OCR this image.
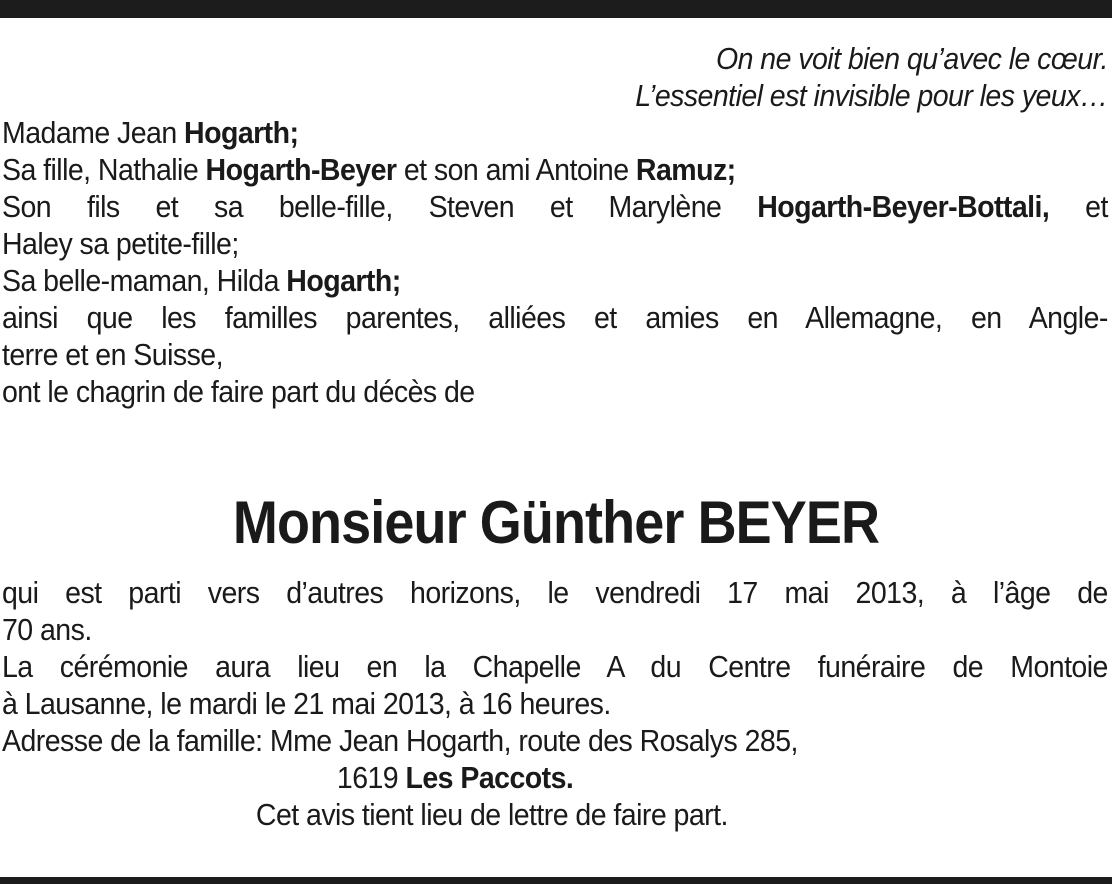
On ne voit bien qu’avec le cœur.
L’essentiel est invisible pour les yeux…
Madame Jean Hogarth;
Sa fille, Nathalie Hogarth-Beyer et son ami Antoine Ramuz;
Son fils et sa belle-fille, Steven et Marylène Hogarth-Beyer-Bottali, et
Haley sa petite-fille;
Sa belle-maman, Hilda Hogarth;
ainsi que les familles parentes, alliées et amies en Allemagne, en Angle-
terre et en Suisse,
ont le chagrin de faire part du décès de
Monsieur Günther BEYER
qui est parti vers d’autres horizons, le vendredi 17 mai 2013, à l’âge de
70 ans.
La cérémonie aura lieu en la Chapelle A du Centre funéraire de Montoie
à Lausanne, le mardi le 21 mai 2013, à 16 heures.
Adresse de la famille: Mme Jean Hogarth, route des Rosalys 285,
1619 Les Paccots.
Cet avis tient lieu de lettre de faire part.
